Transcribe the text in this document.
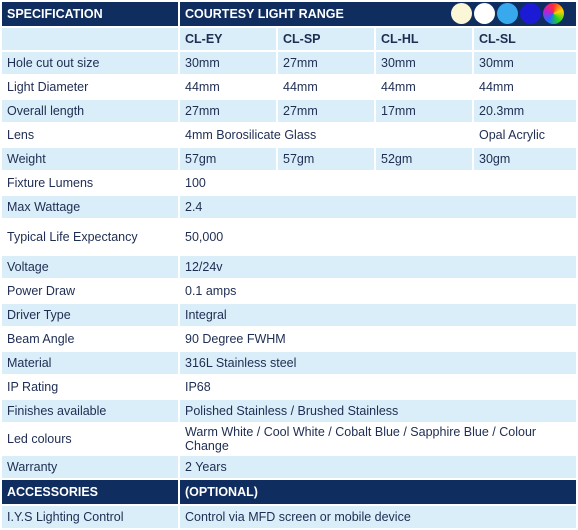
SPECIFICATION	COURTESY LIGHT RANGE			
	CL-EY	CL-SP	CL-HL	CL-SL
Hole cut out size	30mm	27mm	30mm	30mm
Light Diameter	44mm	44mm	44mm	44mm
Overall length	27mm	27mm	17mm	20.3mm
Lens	4mm Borosilicate Glass			Opal Acrylic
Weight	57gm	57gm	52gm	30gm
Fixture Lumens	100			
Max Wattage	2.4			
Typical Life Expectancy	50,000			
Voltage	12/24v			
Power Draw	0.1 amps			
Driver Type	Integral			
Beam Angle	90 Degree FWHM			
Material	316L Stainless steel			
IP Rating	IP68			
Finishes available	Polished Stainless / Brushed Stainless			
Led colours	Warm White / Cool White / Cobalt Blue / Sapphire Blue / Colour Change			
Warranty	2 Years			
ACCESSORIES	(OPTIONAL)			
I.Y.S Lighting Control	Control via MFD screen or mobile device			
